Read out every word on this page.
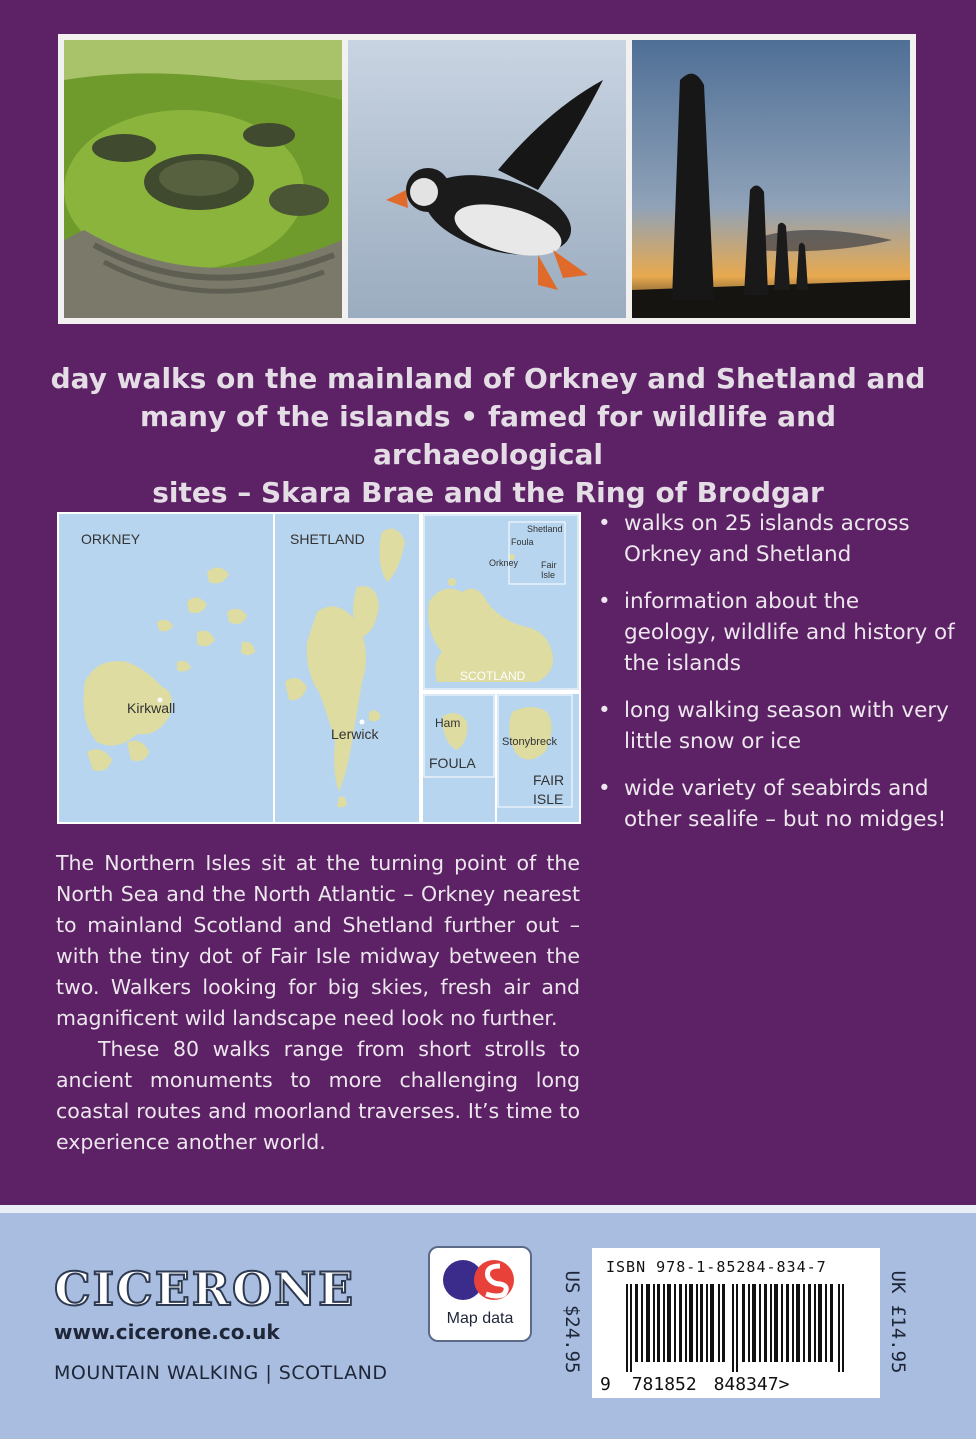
day walks on the mainland of Orkney and Shetland and
many of the islands • famed for wildlife and archaeological
sites – Skara Brae and the Ring of Brodgar
ORKNEY
Kirkwall
SHETLAND
Lerwick
Shetland
Foula
Orkney	Fair
Isle
SCOTLAND
Ham
FOULA
Stonybreck
FAIR
ISLE
• walks on 25 islands across Orkney and Shetland
• information about the geology, wildlife and history of the islands
• long walking season with very little snow or ice
• wide variety of seabirds and other sealife – but no midges!

The Northern Isles sit at the turning point of the North Sea and the North Atlantic – Orkney nearest to mainland Scotland and Shetland further out – with the tiny dot of Fair Isle midway between the two. Walkers looking for big skies, fresh air and magnificent wild landscape need look no further.

These 80 walks range from short strolls to ancient monuments to more challenging long coastal routes and moorland traverses. It’s time to experience another world.

CICERONE
www.cicerone.co.uk
MOUNTAIN WALKING | SCOTLAND
Map data	US $24.95
ISBN 978-1-85284-834-7
9 781852 848347>
UK £14.95
